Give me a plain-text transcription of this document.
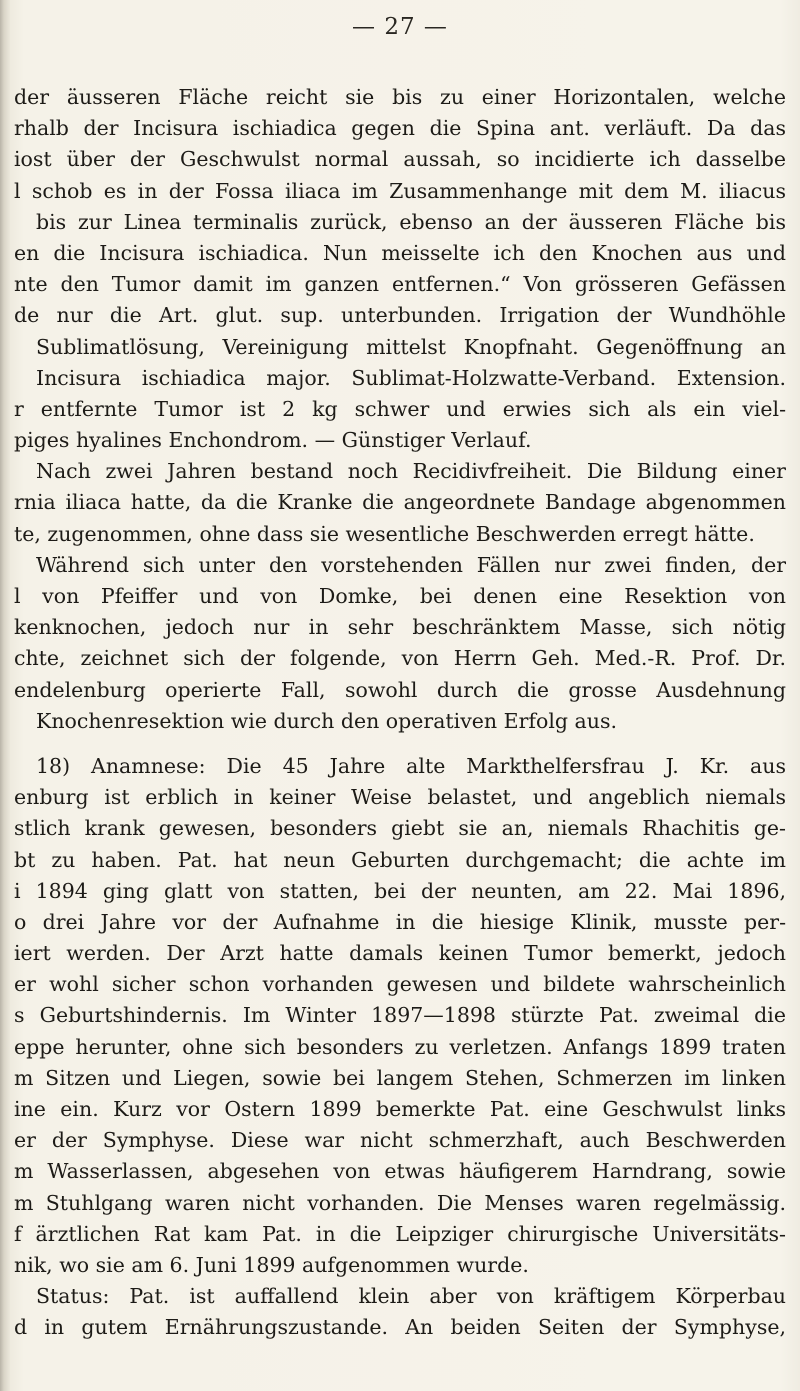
— 27 —
der äusseren Fläche reicht sie bis zu einer Horizontalen, welche
rhalb der Incisura ischiadica gegen die Spina ant. verläuft. Da das
iost über der Geschwulst normal aussah, so incidierte ich dasselbe
l schob es in der Fossa iliaca im Zusammenhange mit dem M. iliacus
bis zur Linea terminalis zurück, ebenso an der äusseren Fläche bis
en die Incisura ischiadica. Nun meisselte ich den Knochen aus und
nte den Tumor damit im ganzen entfernen.“ Von grösseren Gefässen
de nur die Art. glut. sup. unterbunden. Irrigation der Wundhöhle
Sublimatlösung, Vereinigung mittelst Knopfnaht. Gegenöffnung an
Incisura ischiadica major. Sublimat-Holzwatte-Verband. Extension.
r entfernte Tumor ist 2 kg schwer und erwies sich als ein viel-
piges hyalines Enchondrom. — Günstiger Verlauf.
Nach zwei Jahren bestand noch Recidivfreiheit. Die Bildung einer
rnia iliaca hatte, da die Kranke die angeordnete Bandage abgenommen
te, zugenommen, ohne dass sie wesentliche Beschwerden erregt hätte.
Während sich unter den vorstehenden Fällen nur zwei finden, der
l von Pfeiffer und von Domke, bei denen eine Resektion von
kenknochen, jedoch nur in sehr beschränktem Masse, sich nötig
chte, zeichnet sich der folgende, von Herrn Geh. Med.-R. Prof. Dr.
endelenburg operierte Fall, sowohl durch die grosse Ausdehnung
Knochenresektion wie durch den operativen Erfolg aus.
18) Anamnese: Die 45 Jahre alte Markthelfersfrau J. Kr. aus
enburg ist erblich in keiner Weise belastet, und angeblich niemals
stlich krank gewesen, besonders giebt sie an, niemals Rhachitis ge-
bt zu haben. Pat. hat neun Geburten durchgemacht; die achte im
i 1894 ging glatt von statten, bei der neunten, am 22. Mai 1896,
o drei Jahre vor der Aufnahme in die hiesige Klinik, musste per-
iert werden. Der Arzt hatte damals keinen Tumor bemerkt, jedoch
er wohl sicher schon vorhanden gewesen und bildete wahrscheinlich
s Geburtshindernis. Im Winter 1897—1898 stürzte Pat. zweimal die
eppe herunter, ohne sich besonders zu verletzen. Anfangs 1899 traten
m Sitzen und Liegen, sowie bei langem Stehen, Schmerzen im linken
ine ein. Kurz vor Ostern 1899 bemerkte Pat. eine Geschwulst links
er der Symphyse. Diese war nicht schmerzhaft, auch Beschwerden
m Wasserlassen, abgesehen von etwas häufigerem Harndrang, sowie
m Stuhlgang waren nicht vorhanden. Die Menses waren regelmässig.
f ärztlichen Rat kam Pat. in die Leipziger chirurgische Universitäts-
nik, wo sie am 6. Juni 1899 aufgenommen wurde.
Status: Pat. ist auffallend klein aber von kräftigem Körperbau
d in gutem Ernährungszustande. An beiden Seiten der Symphyse,
